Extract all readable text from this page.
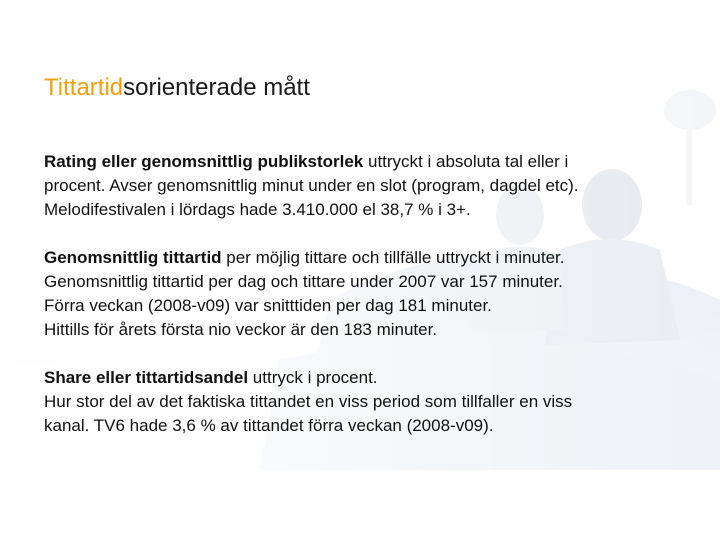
Tittartidsorienterade mått
Rating eller genomsnittlig publikstorlek uttryckt i absoluta tal eller i
procent. Avser genomsnittlig minut under en slot (program, dagdel etc).
Melodifestivalen i lördags hade 3.410.000 el 38,7 % i 3+.
Genomsnittlig tittartid per möjlig tittare och tillfälle uttryckt i minuter.
Genomsnittlig tittartid per dag och tittare under 2007 var 157 minuter.
Förra veckan (2008-v09) var snitttiden per dag 181 minuter.
Hittills för årets första nio veckor är den 183 minuter.
Share eller tittartidsandel uttryck i procent.
Hur stor del av det faktiska tittandet en viss period som tillfaller en viss
kanal. TV6 hade 3,6 % av tittandet förra veckan (2008-v09).
